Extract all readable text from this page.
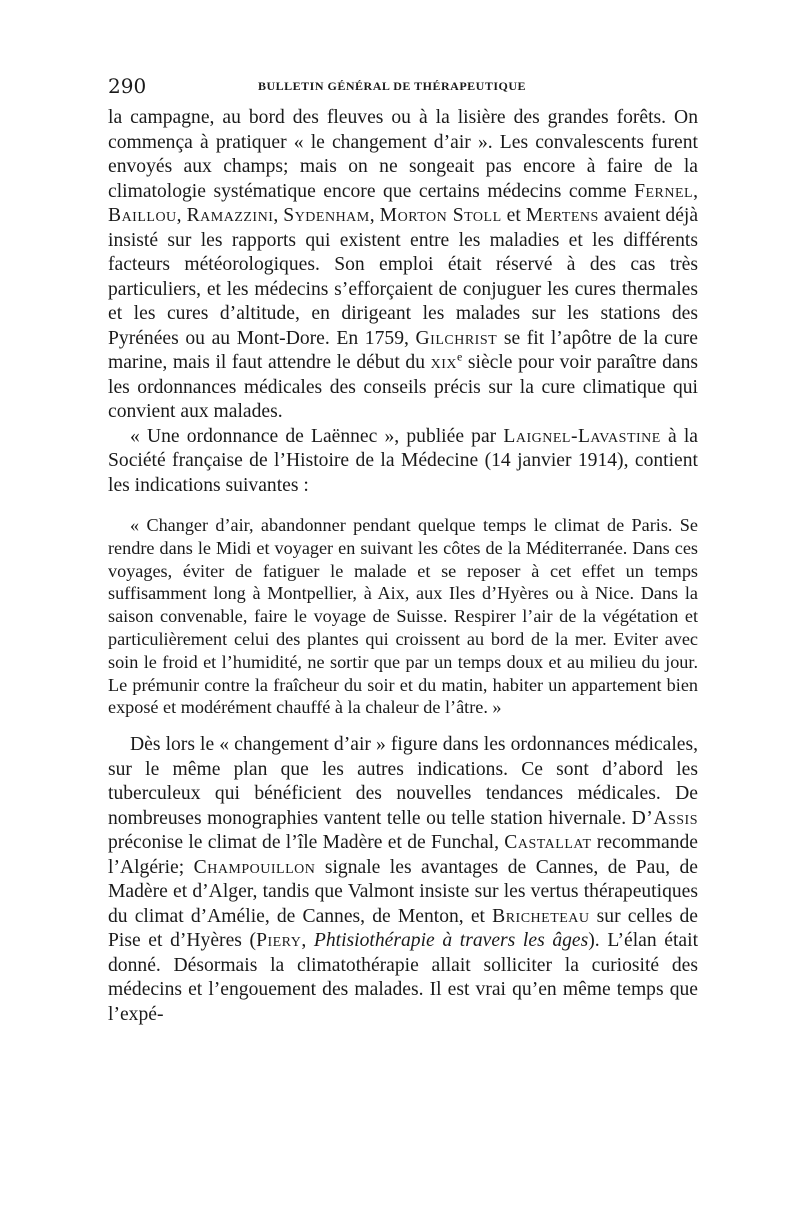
290	BULLETIN GÉNÉRAL DE THÉRAPEUTIQUE

la campagne, au bord des fleuves ou à la lisière des grandes forêts. On commença à pratiquer « le changement d’air ». Les convalescents furent envoyés aux champs; mais on ne songeait pas encore à faire de la climatologie systématique encore que certains médecins comme Fernel, Baillou, Ramazzini, Sydenham, Morton Stoll et Mertens avaient déjà insisté sur les rapports qui existent entre les maladies et les différents facteurs météorologiques. Son emploi était réservé à des cas très particuliers, et les médecins s’efforçaient de conjuguer les cures thermales et les cures d’altitude, en dirigeant les malades sur les stations des Pyrénées ou au Mont-Dore. En 1759, Gilchrist se fit l’apôtre de la cure marine, mais il faut attendre le début du xix$^e$ siècle pour voir paraître dans les ordonnances médicales des conseils précis sur la cure climatique qui convient aux malades.

« Une ordonnance de Laënnec », publiée par Laignel-Lavastine à la Société française de l’Histoire de la Médecine (14 janvier 1914), contient les indications suivantes :

« Changer d’air, abandonner pendant quelque temps le climat de Paris. Se rendre dans le Midi et voyager en suivant les côtes de la Méditerranée. Dans ces voyages, éviter de fatiguer le malade et se reposer à cet effet un temps suffisamment long à Montpellier, à Aix, aux Iles d’Hyères ou à Nice. Dans la saison convenable, faire le voyage de Suisse. Respirer l’air de la végétation et particulièrement celui des plantes qui croissent au bord de la mer. Eviter avec soin le froid et l’humidité, ne sortir que par un temps doux et au milieu du jour. Le prémunir contre la fraîcheur du soir et du matin, habiter un appartement bien exposé et modérément chauffé à la chaleur de l’âtre. »

Dès lors le « changement d’air » figure dans les ordonnances médicales, sur le même plan que les autres indications. Ce sont d’abord les tuberculeux qui bénéficient des nouvelles tendances médicales. De nombreuses monographies vantent telle ou telle station hivernale. D’Assis préconise le climat de l’île Madère et de Funchal, Castallat recommande l’Algérie; Champouillon signale les avantages de Cannes, de Pau, de Madère et d’Alger, tandis que Valmont insiste sur les vertus thérapeutiques du climat d’Amélie, de Cannes, de Menton, et Bricheteau sur celles de Pise et d’Hyères (Piery, Phtisiothérapie à travers les âges). L’élan était donné. Désormais la climatothérapie allait solliciter la curiosité des médecins et l’engouement des malades. Il est vrai qu’en même temps que l’expé-
